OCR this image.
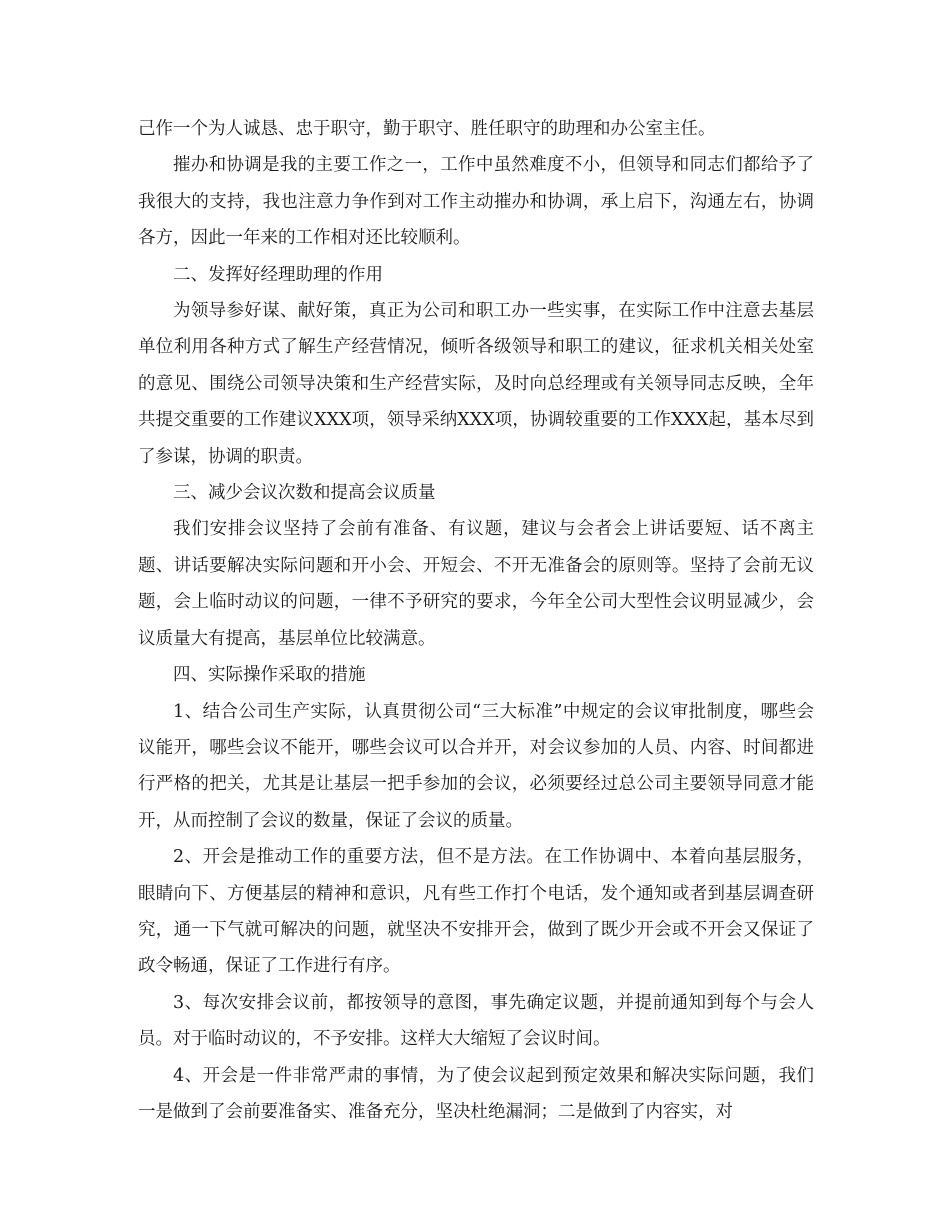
己作一个为人诚恳、忠于职守，勤于职守、胜任职守的助理和办公室主任。

摧办和协调是我的主要工作之一，工作中虽然难度不小，但领导和同志们都给予了我很大的支持，我也注意力争作到对工作主动摧办和协调，承上启下，沟通左右，协调各方，因此一年来的工作相对还比较顺利。

二、发挥好经理助理的作用

为领导参好谋、献好策，真正为公司和职工办一些实事，在实际工作中注意去基层单位利用各种方式了解生产经营情况，倾听各级领导和职工的建议，征求机关相关处室的意见、围绕公司领导决策和生产经营实际，及时向总经理或有关领导同志反映，全年共提交重要的工作建议XXX项，领导采纳XXX项，协调较重要的工作XXX起，基本尽到了参谋，协调的职责。

三、减少会议次数和提高会议质量

我们安排会议坚持了会前有准备、有议题，建议与会者会上讲话要短、话不离主题、讲话要解决实际问题和开小会、开短会、不开无准备会的原则等。坚持了会前无议题，会上临时动议的问题，一律不予研究的要求，今年全公司大型性会议明显减少，会议质量大有提高，基层单位比较满意。

四、实际操作采取的措施

1、结合公司生产实际，认真贯彻公司“三大标准”中规定的会议审批制度，哪些会议能开，哪些会议不能开，哪些会议可以合并开，对会议参加的人员、内容、时间都进行严格的把关，尤其是让基层一把手参加的会议，必须要经过总公司主要领导同意才能开，从而控制了会议的数量，保证了会议的质量。

2、开会是推动工作的重要方法，但不是方法。在工作协调中、本着向基层服务，眼睛向下、方便基层的精神和意识，凡有些工作打个电话，发个通知或者到基层调查研究，通一下气就可解决的问题，就坚决不安排开会，做到了既少开会或不开会又保证了政令畅通，保证了工作进行有序。

3、每次安排会议前，都按领导的意图，事先确定议题，并提前通知到每个与会人员。对于临时动议的，不予安排。这样大大缩短了会议时间。

4、开会是一件非常严肃的事情，为了使会议起到预定效果和解决实际问题，我们一是做到了会前要准备实、准备充分，坚决杜绝漏洞；二是做到了内容实，对
